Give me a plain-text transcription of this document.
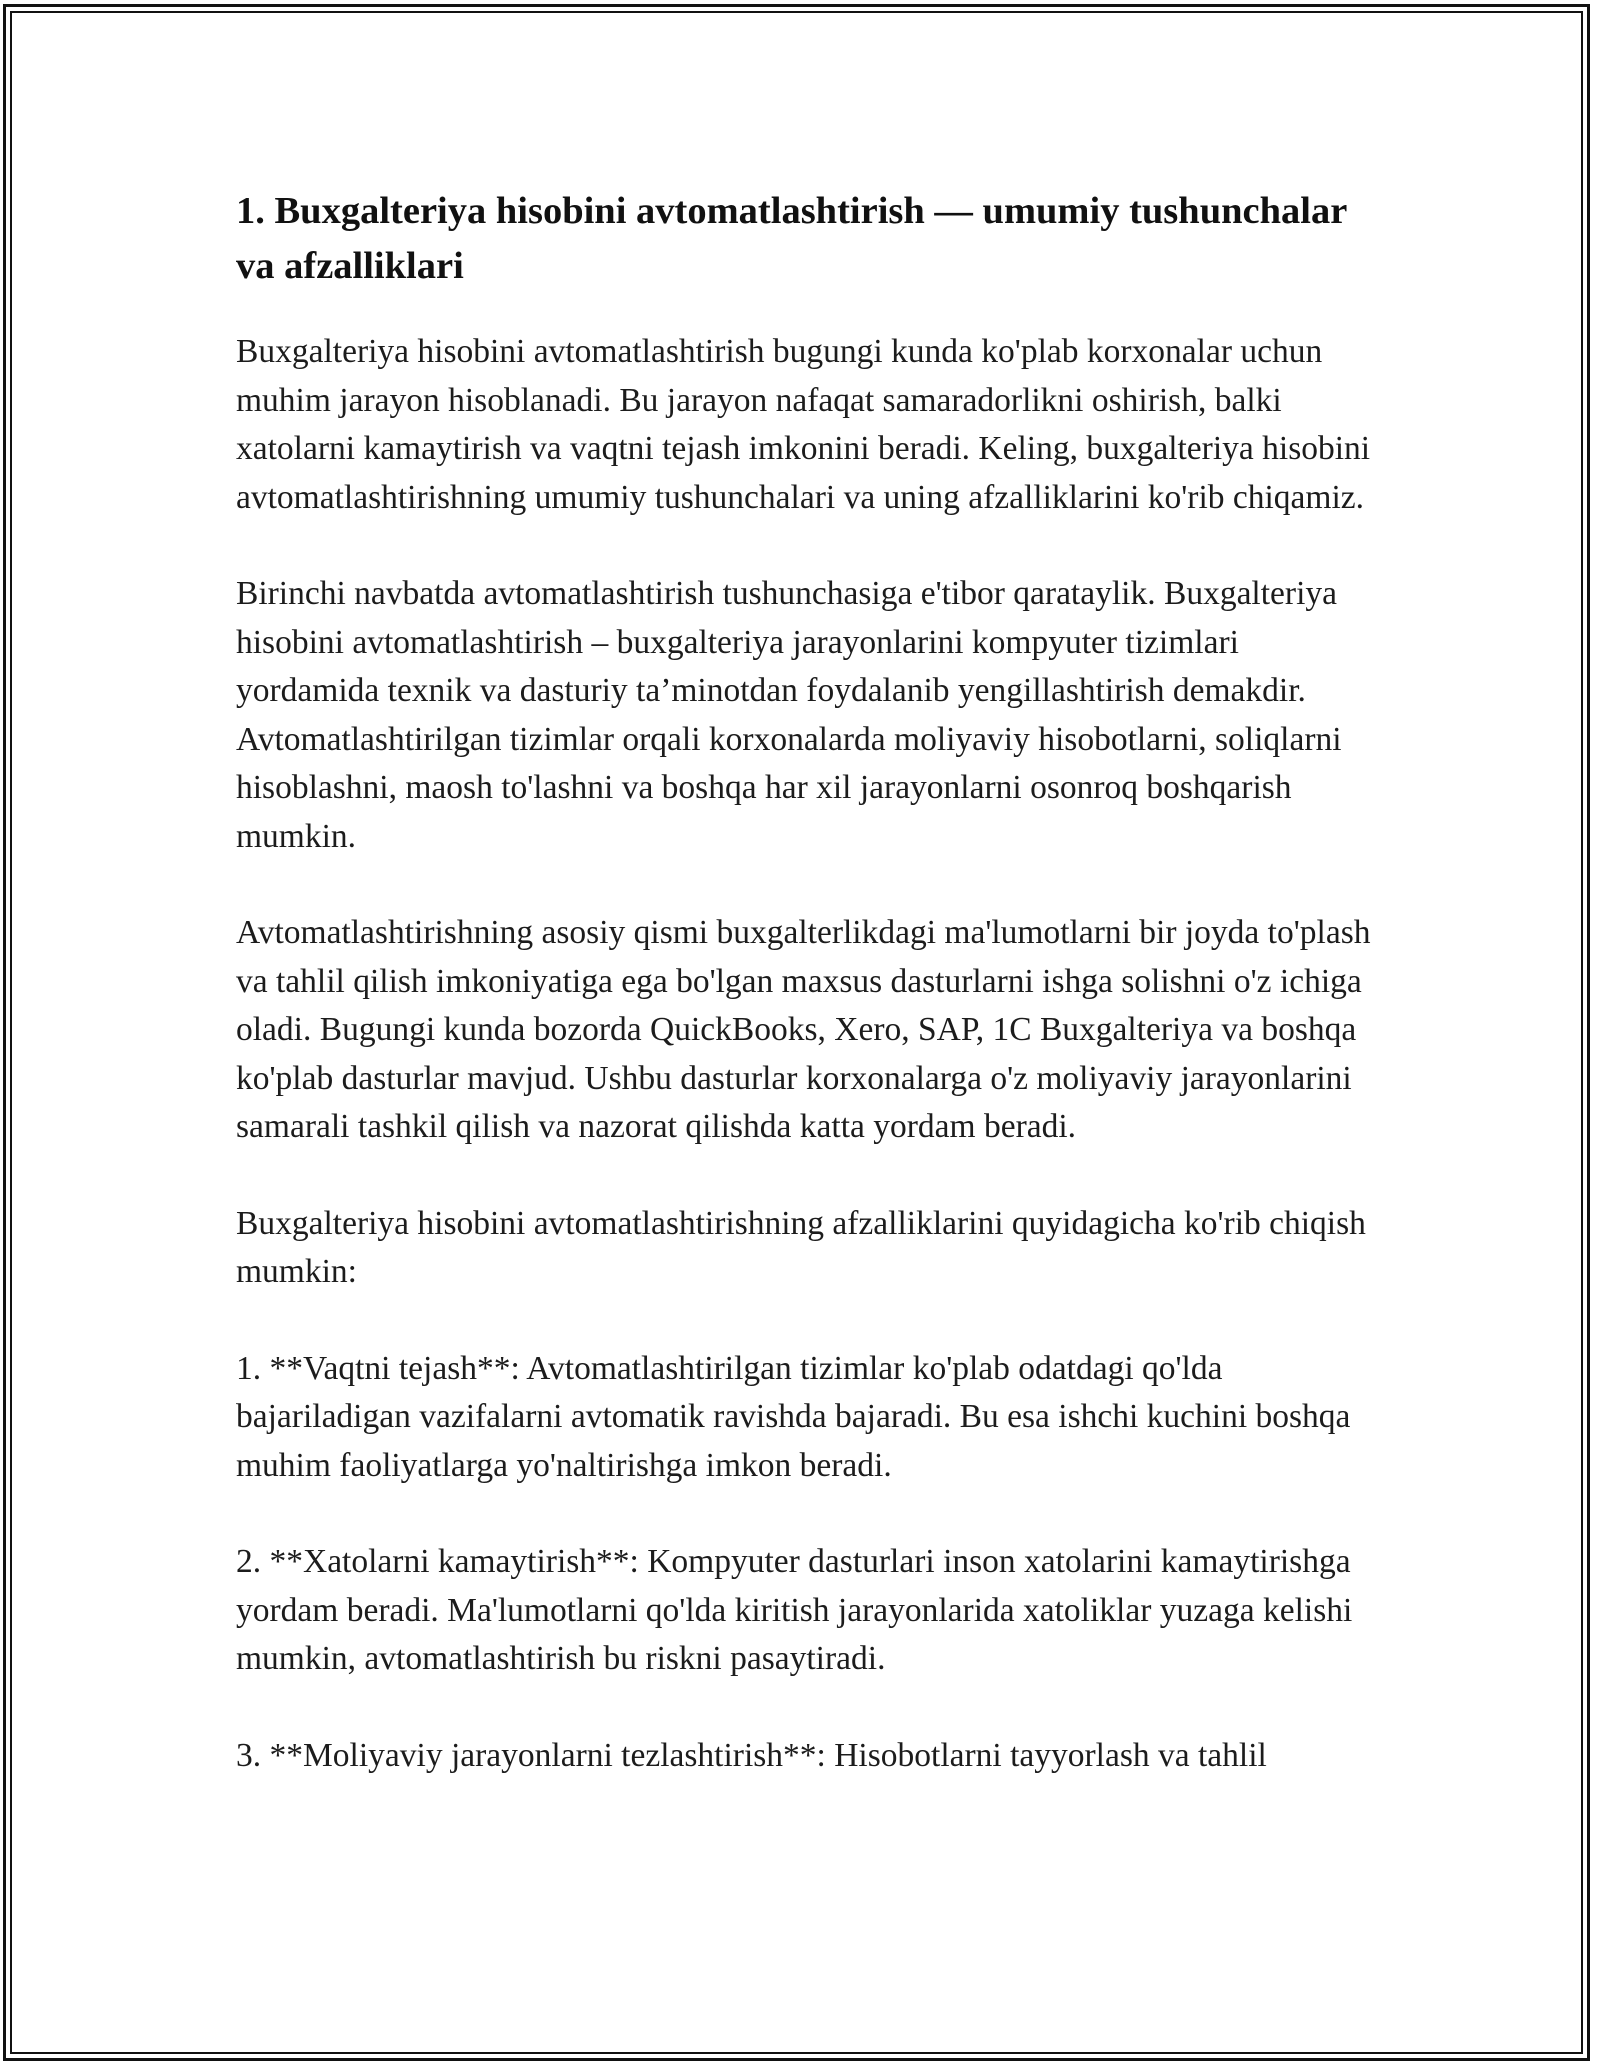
1. Buxgalteriya hisobini avtomatlashtirish — umumiy tushunchalar va afzalliklari

Buxgalteriya hisobini avtomatlashtirish bugungi kunda ko'plab korxonalar uchun muhim jarayon hisoblanadi. Bu jarayon nafaqat samaradorlikni oshirish, balki xatolarni kamaytirish va vaqtni tejash imkonini beradi. Keling, buxgalteriya hisobini avtomatlashtirishning umumiy tushunchalari va uning afzalliklarini ko'rib chiqamiz.

Birinchi navbatda avtomatlashtirish tushunchasiga e'tibor qarataylik. Buxgalteriya hisobini avtomatlashtirish – buxgalteriya jarayonlarini kompyuter tizimlari yordamida texnik va dasturiy ta’minotdan foydalanib yengillashtirish demakdir. Avtomatlashtirilgan tizimlar orqali korxonalarda moliyaviy hisobotlarni, soliqlarni hisoblashni, maosh to'lashni va boshqa har xil jarayonlarni osonroq boshqarish mumkin.

Avtomatlashtirishning asosiy qismi buxgalterlikdagi ma'lumotlarni bir joyda to'plash va tahlil qilish imkoniyatiga ega bo'lgan maxsus dasturlarni ishga solishni o'z ichiga oladi. Bugungi kunda bozorda QuickBooks, Xero, SAP, 1C Buxgalteriya va boshqa ko'plab dasturlar mavjud. Ushbu dasturlar korxonalarga o'z moliyaviy jarayonlarini samarali tashkil qilish va nazorat qilishda katta yordam beradi.

Buxgalteriya hisobini avtomatlashtirishning afzalliklarini quyidagicha ko'rib chiqish mumkin:

1. **Vaqtni tejash**: Avtomatlashtirilgan tizimlar ko'plab odatdagi qo'lda bajariladigan vazifalarni avtomatik ravishda bajaradi. Bu esa ishchi kuchini boshqa muhim faoliyatlarga yo'naltirishga imkon beradi.

2. **Xatolarni kamaytirish**: Kompyuter dasturlari inson xatolarini kamaytirishga yordam beradi. Ma'lumotlarni qo'lda kiritish jarayonlarida xatoliklar yuzaga kelishi mumkin, avtomatlashtirish bu riskni pasaytiradi.

3. **Moliyaviy jarayonlarni tezlashtirish**: Hisobotlarni tayyorlash va tahlil
